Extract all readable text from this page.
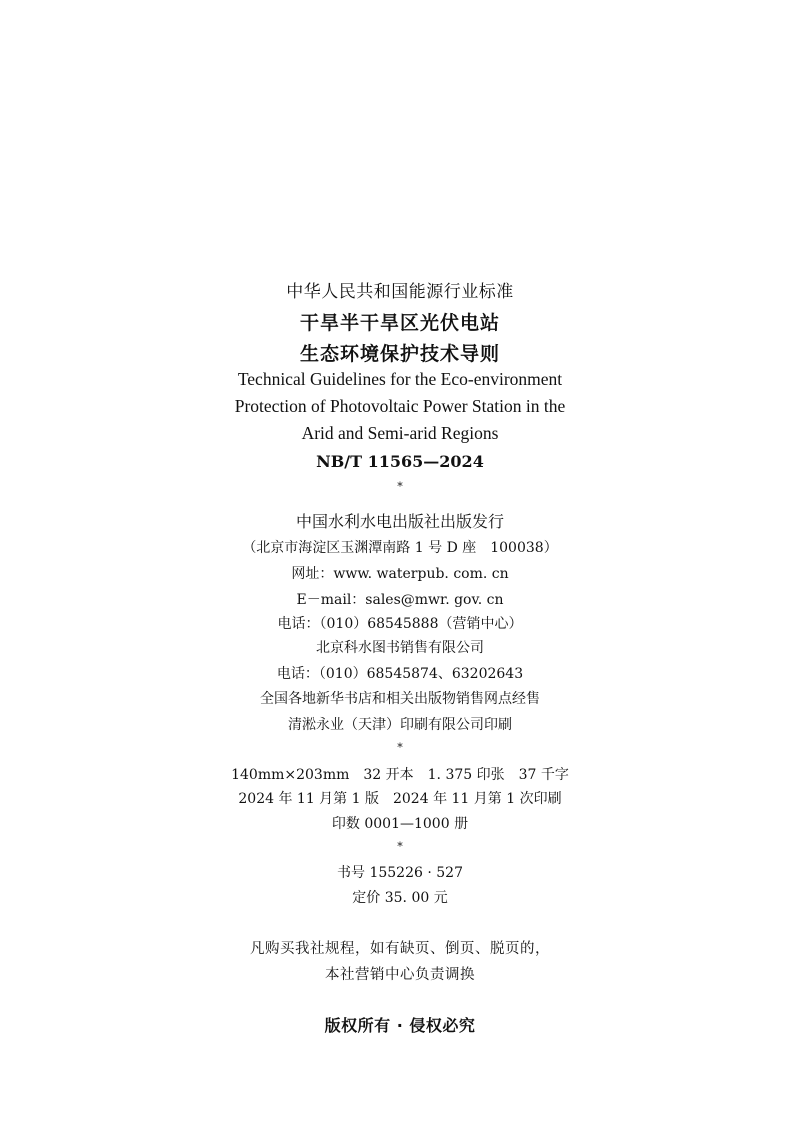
中华人民共和国能源行业标准
干旱半干旱区光伏电站
生态环境保护技术导则
Technical Guidelines for the Eco-environment
Protection of Photovoltaic Power Station in the
Arid and Semi-arid Regions
NB/T 11565—2024
*
中国水利水电出版社出版发行
（北京市海淀区玉渊潭南路 1 号 D 座　100038）
网址：www. waterpub. com. cn
E－mail：sales@mwr. gov. cn
电话：（010）68545888（营销中心）
北京科水图书销售有限公司
电话：（010）68545874、63202643
全国各地新华书店和相关出版物销售网点经售
清淞永业（天津）印刷有限公司印刷
*
140mm×203mm　32 开本　1. 375 印张　37 千字
2024 年 11 月第 1 版　2024 年 11 月第 1 次印刷
印数 0001—1000 册
*
书号 155226 · 527
定价 35. 00 元
凡购买我社规程，如有缺页、倒页、脱页的，
本社营销中心负责调换
版权所有 · 侵权必究
